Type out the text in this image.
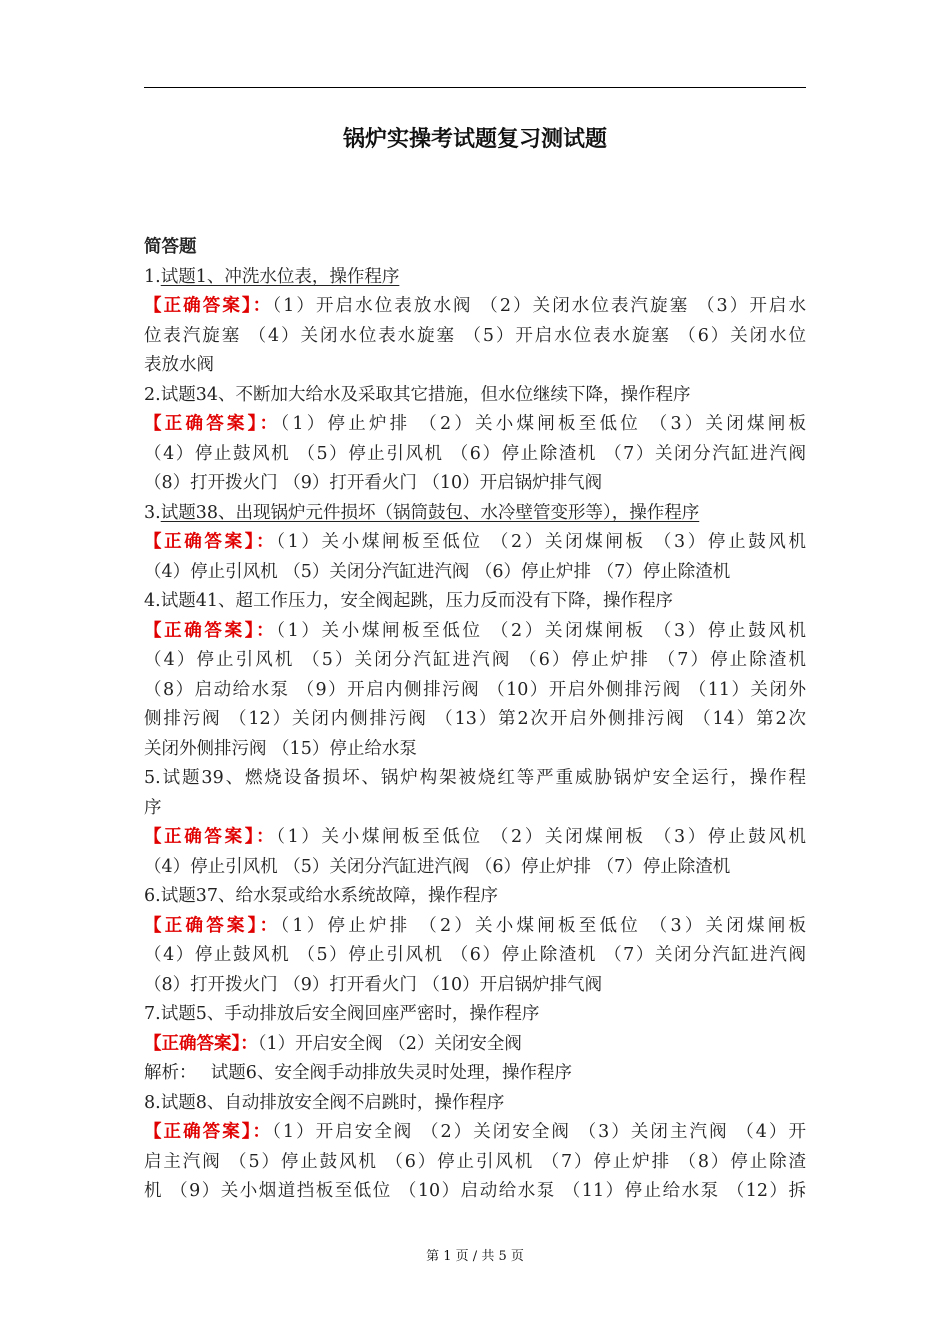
锅炉实操考试题复习测试题
简答题
1.试题1、冲洗水位表，操作程序
【正确答案】：（1）开启水位表放水阀 （2）关闭水位表汽旋塞 （3）开启水
位表汽旋塞 （4）关闭水位表水旋塞 （5）开启水位表水旋塞 （6）关闭水位
表放水阀
2.试题34、不断加大给水及采取其它措施，但水位继续下降，操作程序
【正确答案】：（1）停止炉排 （2）关小煤闸板至低位 （3）关闭煤闸板
（4）停止鼓风机 （5）停止引风机 （6）停止除渣机 （7）关闭分汽缸进汽阀
（8）打开拨火门 （9）打开看火门 （10）开启锅炉排气阀
3.试题38、出现锅炉元件损坏（锅筒鼓包、水冷壁管变形等），操作程序
【正确答案】：（1）关小煤闸板至低位 （2）关闭煤闸板 （3）停止鼓风机
（4）停止引风机 （5）关闭分汽缸进汽阀 （6）停止炉排 （7）停止除渣机
4.试题41、超工作压力，安全阀起跳，压力反而没有下降，操作程序
【正确答案】：（1）关小煤闸板至低位 （2）关闭煤闸板 （3）停止鼓风机
（4）停止引风机 （5）关闭分汽缸进汽阀 （6）停止炉排 （7）停止除渣机
（8）启动给水泵 （9）开启内侧排污阀 （10）开启外侧排污阀 （11）关闭外
侧排污阀 （12）关闭内侧排污阀 （13）第2次开启外侧排污阀 （14）第2次
关闭外侧排污阀 （15）停止给水泵
5.试题39、燃烧设备损坏、锅炉构架被烧红等严重威胁锅炉安全运行，操作程
序
【正确答案】：（1）关小煤闸板至低位 （2）关闭煤闸板 （3）停止鼓风机
（4）停止引风机 （5）关闭分汽缸进汽阀 （6）停止炉排 （7）停止除渣机
6.试题37、给水泵或给水系统故障，操作程序
【正确答案】：（1）停止炉排 （2）关小煤闸板至低位 （3）关闭煤闸板
（4）停止鼓风机 （5）停止引风机 （6）停止除渣机 （7）关闭分汽缸进汽阀
（8）打开拨火门 （9）打开看火门 （10）开启锅炉排气阀
7.试题5、手动排放后安全阀回座严密时，操作程序
【正确答案】：（1）开启安全阀 （2）关闭安全阀
解析：　 试题6、安全阀手动排放失灵时处理，操作程序
8.试题8、自动排放安全阀不启跳时，操作程序
【正确答案】：（1）开启安全阀 （2）关闭安全阀 （3）关闭主汽阀 （4）开
启主汽阀 （5）停止鼓风机 （6）停止引风机 （7）停止炉排 （8）停止除渣
机 （9）关小烟道挡板至低位 （10）启动给水泵 （11）停止给水泵 （12）拆
第 1 页 / 共 5 页
